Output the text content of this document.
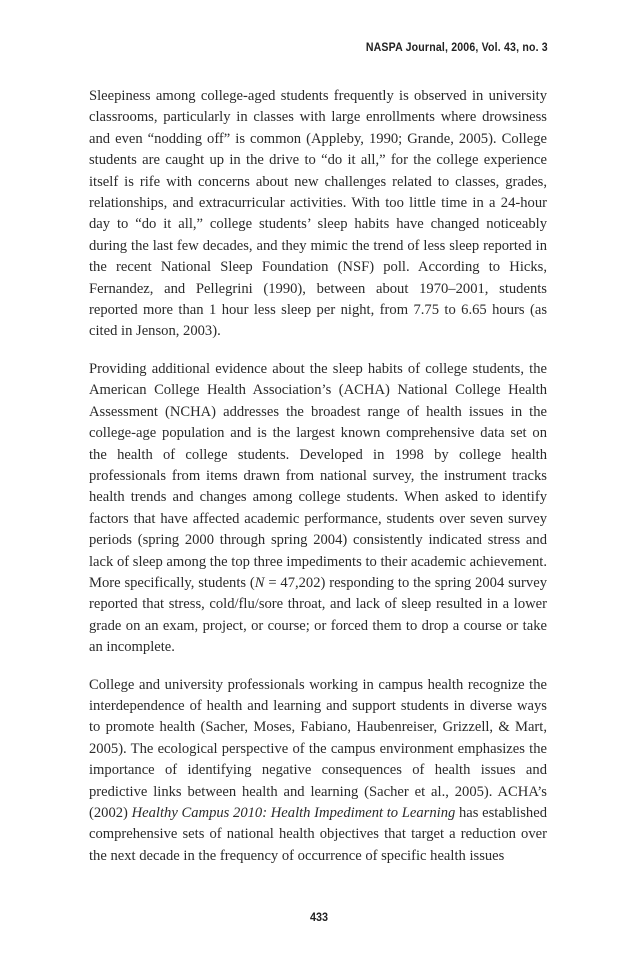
NASPA Journal, 2006, Vol. 43, no. 3

Sleepiness among college-aged students frequently is observed in university classrooms, particularly in classes with large enrollments where drowsiness and even “nodding off” is common (Appleby, 1990; Grande, 2005). College students are caught up in the drive to “do it all,” for the college experience itself is rife with concerns about new challenges related to classes, grades, relationships, and extracurricular activities. With too little time in a 24-hour day to “do it all,” college students’ sleep habits have changed noticeably during the last few decades, and they mimic the trend of less sleep reported in the recent National Sleep Foundation (NSF) poll. According to Hicks, Fernandez, and Pellegrini (1990), between about 1970–2001, students reported more than 1 hour less sleep per night, from 7.75 to 6.65 hours (as cited in Jenson, 2003).

Providing additional evidence about the sleep habits of college students, the American College Health Association’s (ACHA) National College Health Assessment (NCHA) addresses the broadest range of health issues in the college-age population and is the largest known comprehensive data set on the health of college students. Developed in 1998 by college health professionals from items drawn from national survey, the instrument tracks health trends and changes among college students. When asked to identify factors that have affected academic performance, students over seven survey periods (spring 2000 through spring 2004) consistently indicated stress and lack of sleep among the top three impediments to their academic achievement. More specifically, students (N = 47,202) responding to the spring 2004 survey reported that stress, cold/flu/sore throat, and lack of sleep resulted in a lower grade on an exam, project, or course; or forced them to drop a course or take an incomplete.

College and university professionals working in campus health recognize the interdependence of health and learning and support students in diverse ways to promote health (Sacher, Moses, Fabiano, Haubenreiser, Grizzell, & Mart, 2005). The ecological perspective of the campus environment emphasizes the importance of identifying negative consequences of health issues and predictive links between health and learning (Sacher et al., 2005). ACHA’s (2002) Healthy Campus 2010: Health Impediment to Learning has established comprehensive sets of national health objectives that target a reduction over the next decade in the frequency of occurrence of specific health issues

433
